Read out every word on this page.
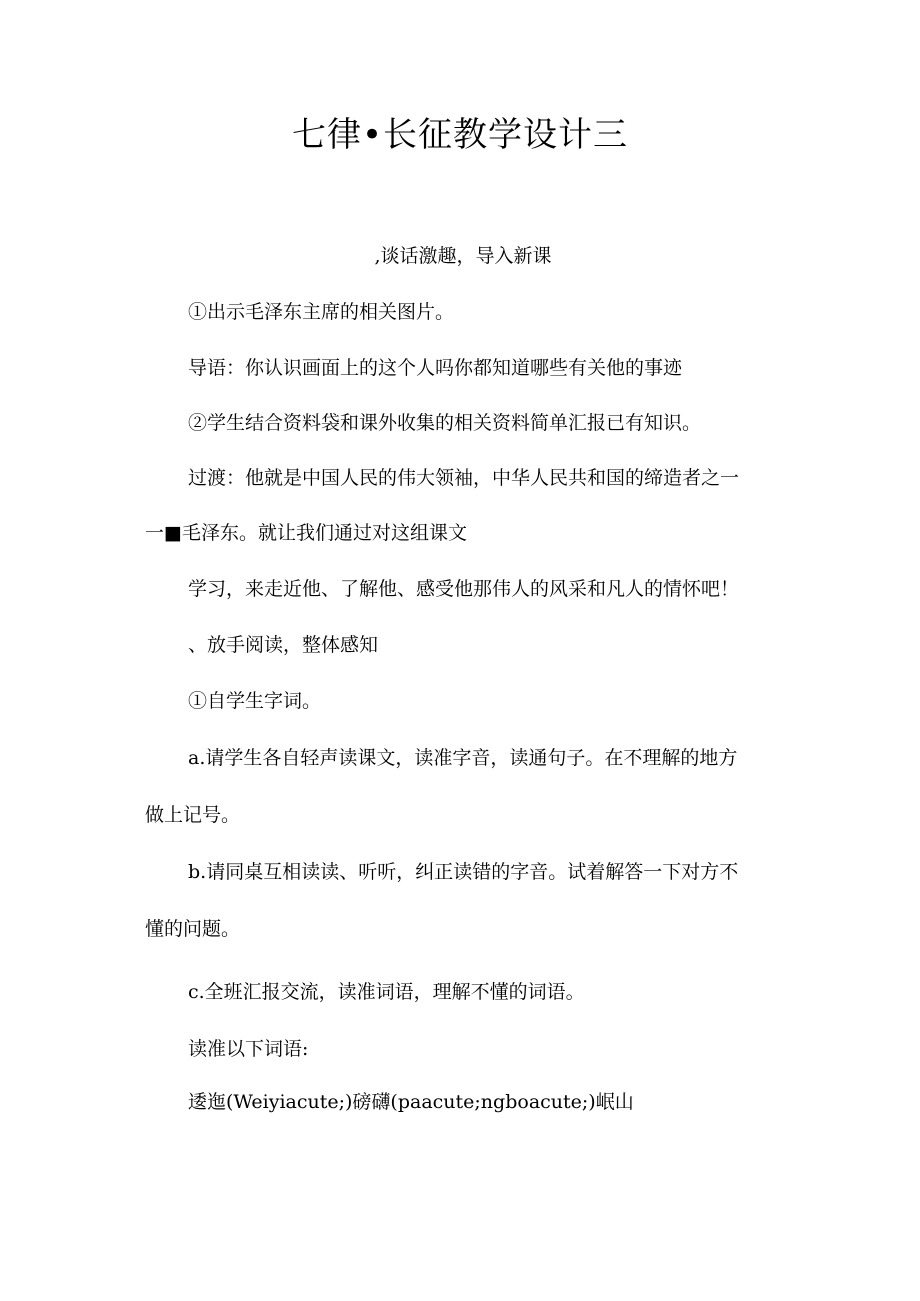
七律•长征教学设计三
,谈话激趣，导入新课
①出示毛泽东主席的相关图片。
导语：你认识画面上的这个人吗你都知道哪些有关他的事迹
②学生结合资料袋和课外收集的相关资料简单汇报已有知识。
过渡：他就是中国人民的伟大领袖，中华人民共和国的缔造者之一
一■毛泽东。就让我们通过对这组课文
学习，来走近他、了解他、感受他那伟人的风采和凡人的情怀吧！
、放手阅读，整体感知
①自学生字词。
a.请学生各自轻声读课文，读准字音，读通句子。在不理解的地方
做上记号。
b.请同桌互相读读、听听，纠正读错的字音。试着解答一下对方不
懂的问题。
c.全班汇报交流，读准词语，理解不懂的词语。
读准以下词语:
逶迤(Weiyiacute;)磅礴(paacute;ngboacute;)岷山
